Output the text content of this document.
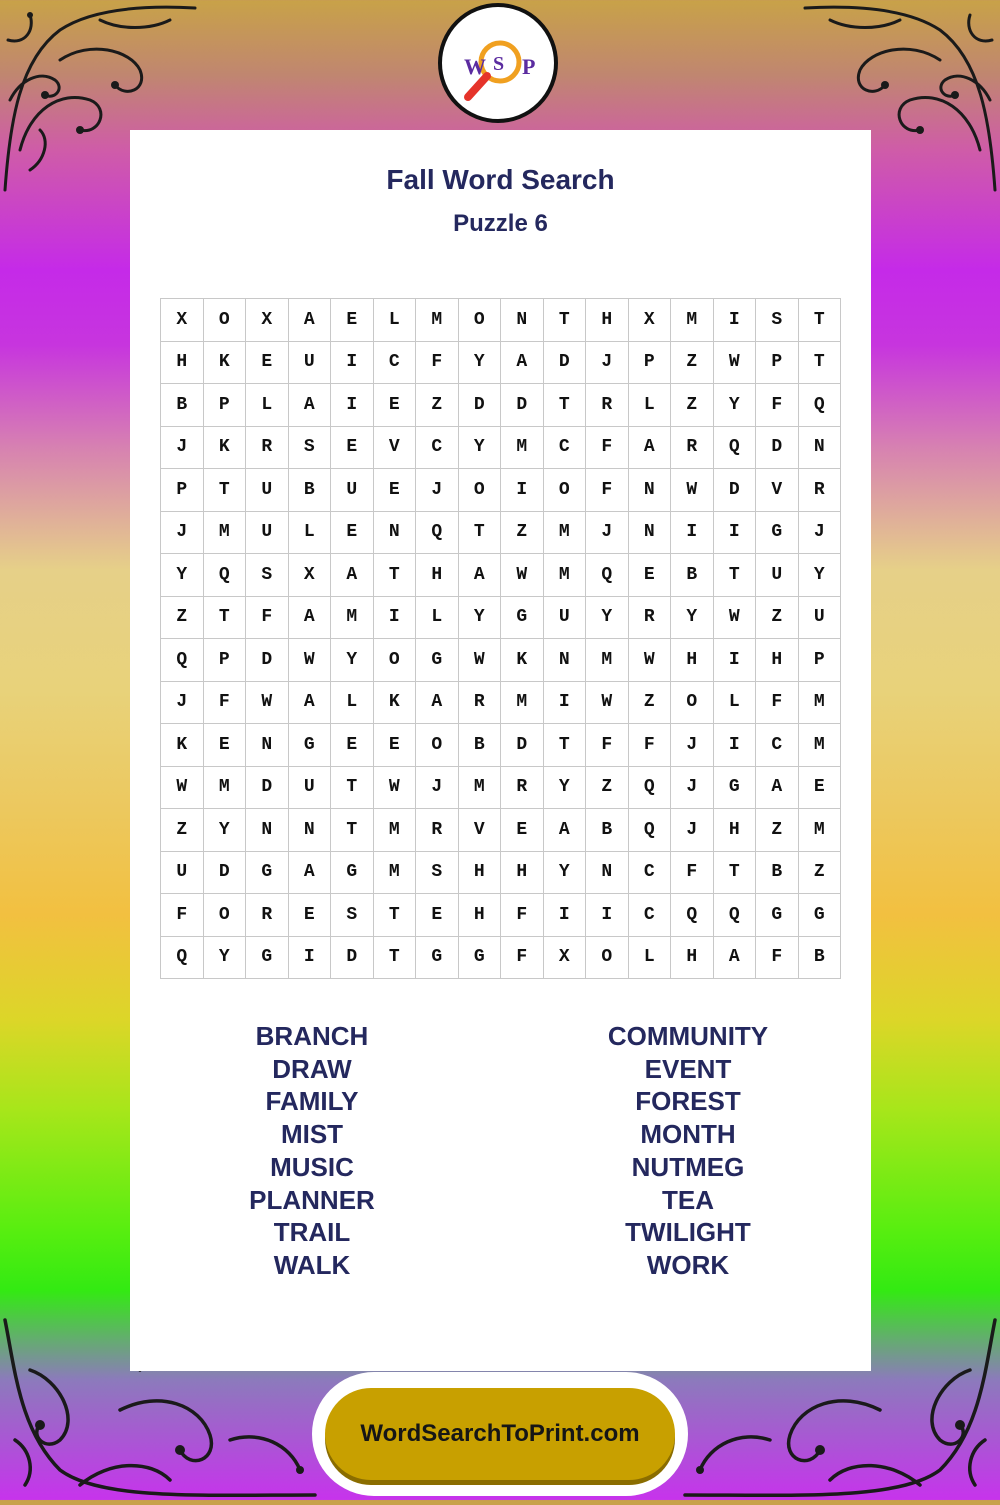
W S P
Fall Word Search
Puzzle 6
X	O	X	A	E	L	M	O	N	T	H	X	M	I	S	T
H	K	E	U	I	C	F	Y	A	D	J	P	Z	W	P	T
B	P	L	A	I	E	Z	D	D	T	R	L	Z	Y	F	Q
J	K	R	S	E	V	C	Y	M	C	F	A	R	Q	D	N
P	T	U	B	U	E	J	O	I	O	F	N	W	D	V	R
J	M	U	L	E	N	Q	T	Z	M	J	N	I	I	G	J
Y	Q	S	X	A	T	H	A	W	M	Q	E	B	T	U	Y
Z	T	F	A	M	I	L	Y	G	U	Y	R	Y	W	Z	U
Q	P	D	W	Y	O	G	W	K	N	M	W	H	I	H	P
J	F	W	A	L	K	A	R	M	I	W	Z	O	L	F	M
K	E	N	G	E	E	O	B	D	T	F	F	J	I	C	M
W	M	D	U	T	W	J	M	R	Y	Z	Q	J	G	A	E
Z	Y	N	N	T	M	R	V	E	A	B	Q	J	H	Z	M
U	D	G	A	G	M	S	H	H	Y	N	C	F	T	B	Z
F	O	R	E	S	T	E	H	F	I	I	C	Q	Q	G	G
Q	Y	G	I	D	T	G	G	F	X	O	L	H	A	F	B
BRANCH
DRAW
FAMILY
MIST
MUSIC
PLANNER
TRAIL
WALK
COMMUNITY
EVENT
FOREST
MONTH
NUTMEG
TEA
TWILIGHT
WORK
WordSearchToPrint.com
